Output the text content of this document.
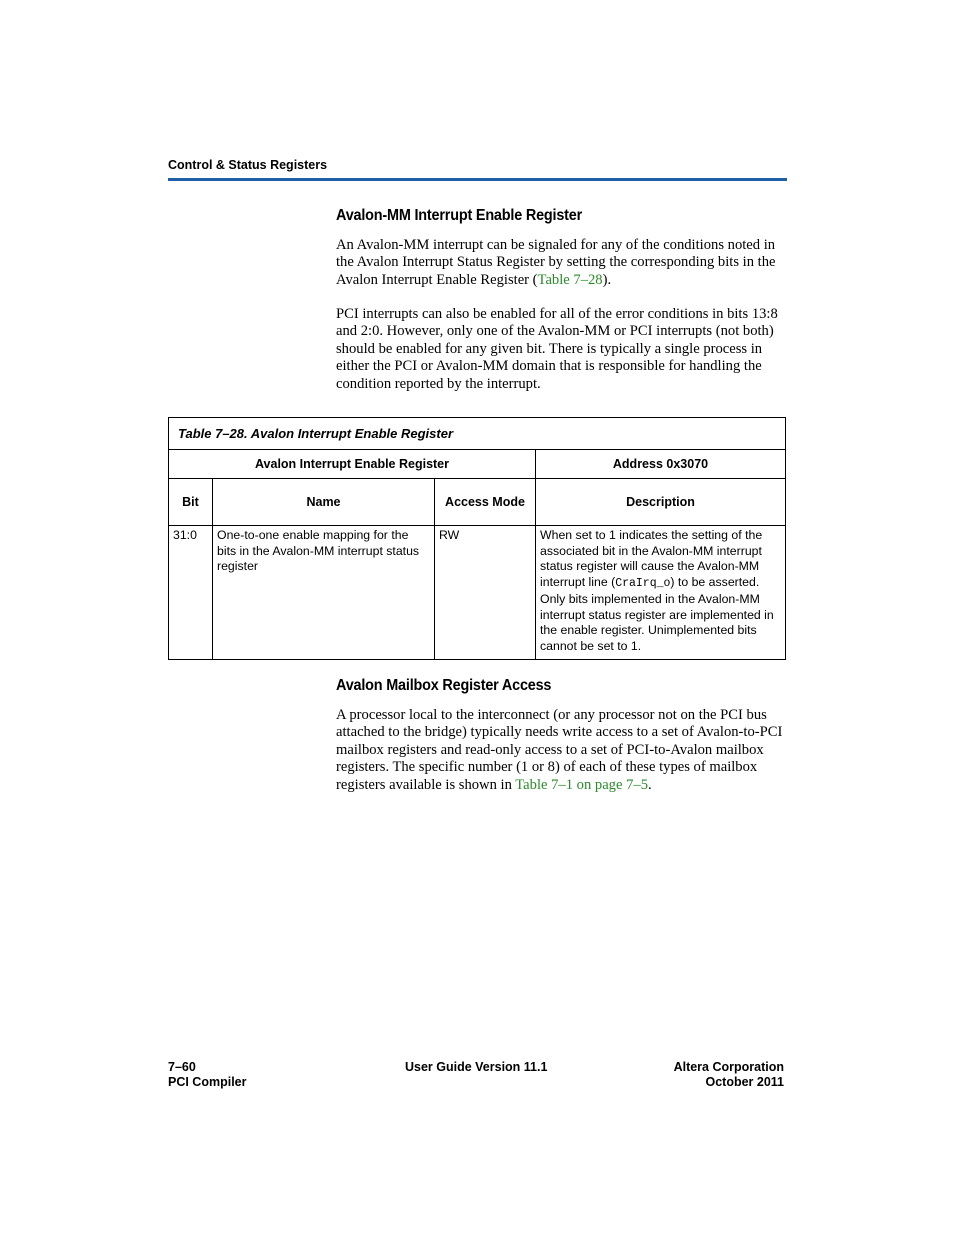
Control & Status Registers
Avalon-MM Interrupt Enable Register
An Avalon-MM interrupt can be signaled for any of the conditions noted in the Avalon Interrupt Status Register by setting the corresponding bits in the Avalon Interrupt Enable Register (Table 7–28).
PCI interrupts can also be enabled for all of the error conditions in bits 13:8 and 2:0. However, only one of the Avalon-MM or PCI interrupts (not both) should be enabled for any given bit. There is typically a single process in either the PCI or Avalon-MM domain that is responsible for handling the condition reported by the interrupt.
Table 7–28. Avalon Interrupt Enable Register			
Avalon Interrupt Enable Register			Address 0x3070
Bit	Name	Access Mode	Description
31:0	One-to-one enable mapping for the bits in the Avalon-MM interrupt status register	RW	When set to 1 indicates the setting of the associated bit in the Avalon-MM interrupt status register will cause the Avalon-MM interrupt line (CraIrq_o) to be asserted.
Only bits implemented in the Avalon-MM interrupt status register are implemented in the enable register. Unimplemented bits cannot be set to 1.
Avalon Mailbox Register Access
A processor local to the interconnect (or any processor not on the PCI bus attached to the bridge) typically needs write access to a set of Avalon-to-PCI mailbox registers and read-only access to a set of PCI-to-Avalon mailbox registers. The specific number (1 or 8) of each of these types of mailbox registers available is shown in Table 7–1 on page 7–5.
7–60
PCI Compiler
User Guide Version 11.1	Altera Corporation
October 2011
